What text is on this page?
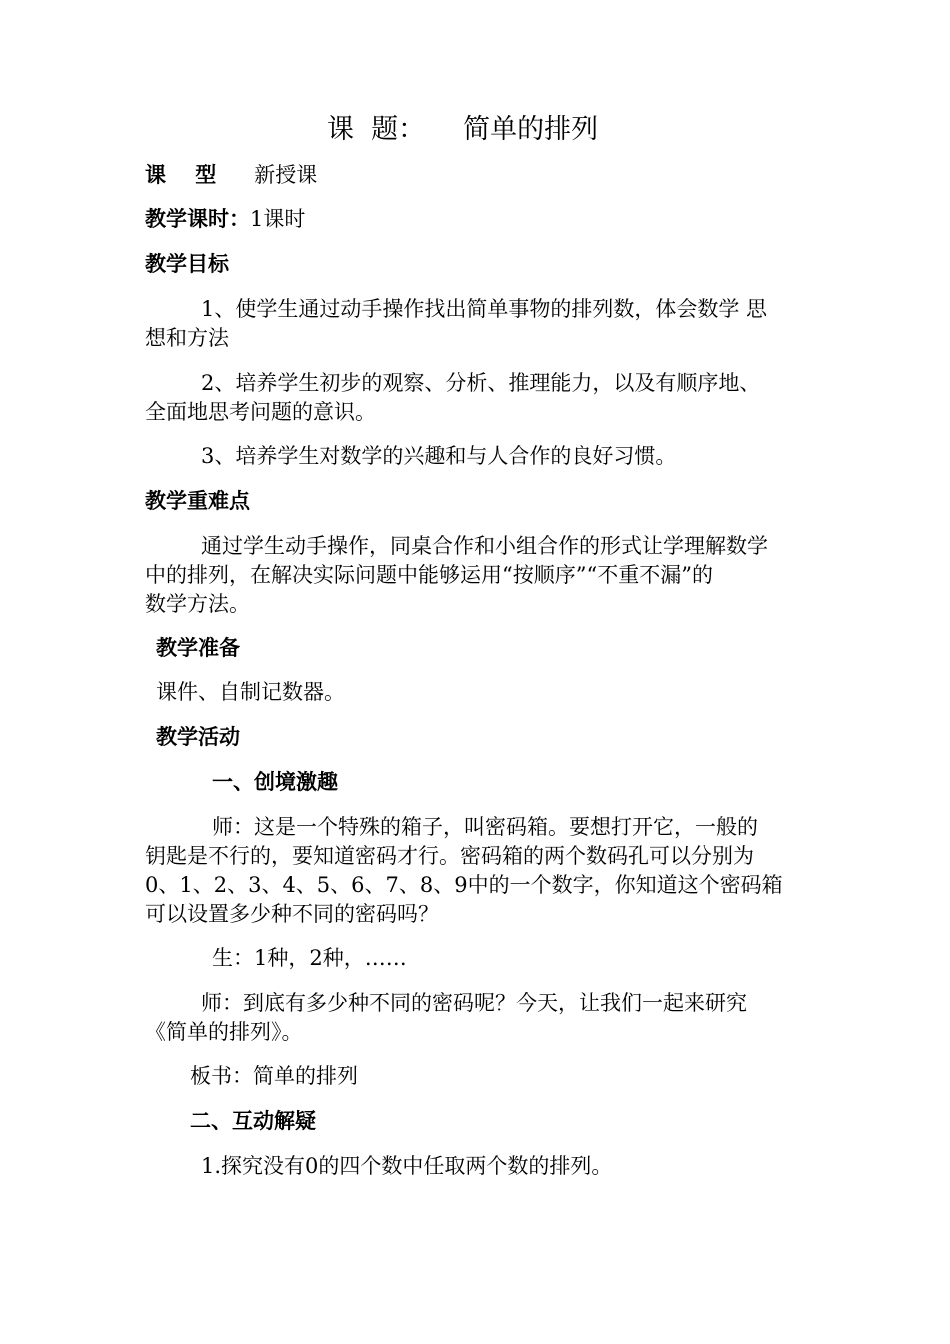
课  题： 简单的排列
课    型 新授课
教学课时：1课时
教学目标
1、使学生通过动手操作找出简单事物的排列数，体会数学 思
想和方法
2、培养学生初步的观察、分析、推理能力，以及有顺序地、
全面地思考问题的意识。
3、培养学生对数学的兴趣和与人合作的良好习惯。
教学重难点
通过学生动手操作，同桌合作和小组合作的形式让学理解数学
中的排列，在解决实际问题中能够运用“按顺序”“不重不漏”的
数学方法。
教学准备
课件、自制记数器。
教学活动
一、创境激趣
师：这是一个特殊的箱子，叫密码箱。要想打开它，一般的
钥匙是不行的，要知道密码才行。密码箱的两个数码孔可以分别为
0、1、2、3、4、5、6、7、8、9中的一个数字，你知道这个密码箱
可以设置多少种不同的密码吗？
生：1种，2种，……
师：到底有多少种不同的密码呢？今天，让我们一起来研究
《简单的排列》。
板书：简单的排列
二、互动解疑
1.探究没有0的四个数中任取两个数的排列。
